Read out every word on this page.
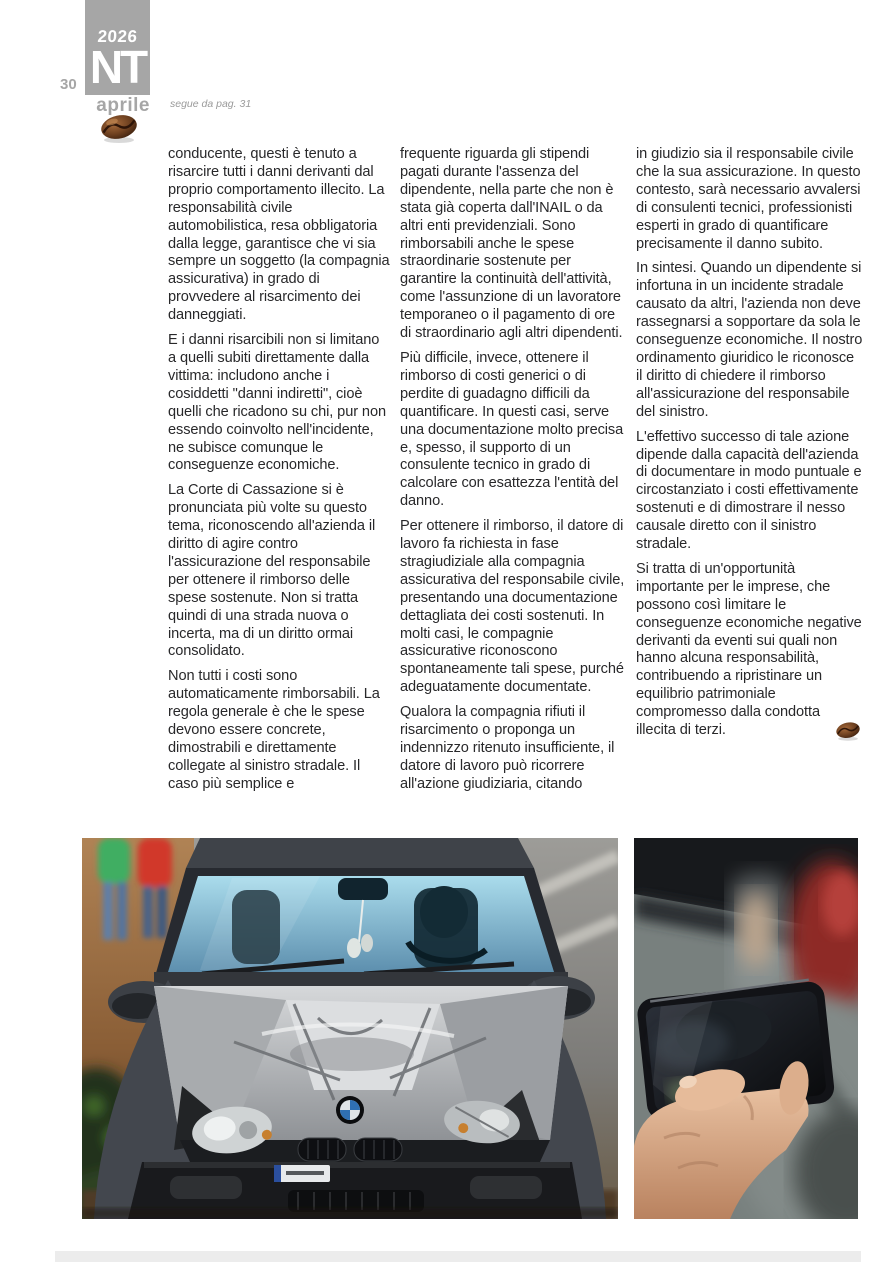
2026
NT
30
aprile segue da pag. 31

conducente, questi è tenuto a risarcire tutti i danni derivanti dal proprio comportamento illecito. La responsabilità civile automobilistica, resa obbligatoria dalla legge, garantisce che vi sia sempre un soggetto (la compagnia assicurativa) in grado di provvedere al risarcimento dei danneggiati.

E i danni risarcibili non si limitano a quelli subiti direttamente dalla vittima: includono anche i cosiddetti "danni indiretti", cioè quelli che ricadono su chi, pur non essendo coinvolto nell'incidente, ne subisce comunque le conseguenze economiche.

La Corte di Cassazione si è pronunciata più volte su questo tema, riconoscendo all'azienda il diritto di agire contro l'assicurazione del responsabile per ottenere il rimborso delle spese sostenute. Non si tratta quindi di una strada nuova o incerta, ma di un diritto ormai consolidato.

Non tutti i costi sono automaticamente rimborsabili. La regola generale è che le spese devono essere concrete, dimostrabili e direttamente collegate al sinistro stradale. Il caso più semplice e

frequente riguarda gli stipendi pagati durante l'assenza del dipendente, nella parte che non è stata già coperta dall'INAIL o da altri enti previdenziali. Sono rimborsabili anche le spese straordinarie sostenute per garantire la continuità dell'attività, come l'assunzione di un lavoratore temporaneo o il pagamento di ore di straordinario agli altri dipendenti.

Più difficile, invece, ottenere il rimborso di costi generici o di perdite di guadagno difficili da quantificare. In questi casi, serve una documentazione molto precisa e, spesso, il supporto di un consulente tecnico in grado di calcolare con esattezza l'entità del danno.

Per ottenere il rimborso, il datore di lavoro fa richiesta in fase stragiudiziale alla compagnia assicurativa del responsabile civile, presentando una documentazione dettagliata dei costi sostenuti. In molti casi, le compagnie assicurative riconoscono spontaneamente tali spese, purché adeguatamente documentate.

Qualora la compagnia rifiuti il risarcimento o proponga un indennizzo ritenuto insufficiente, il datore di lavoro può ricorrere all'azione giudiziaria, citando

in giudizio sia il responsabile civile che la sua assicurazione. In questo contesto, sarà necessario avvalersi di consulenti tecnici, professionisti esperti in grado di quantificare precisamente il danno subito.

In sintesi. Quando un dipendente si infortuna in un incidente stradale causato da altri, l'azienda non deve rassegnarsi a sopportare da sola le conseguenze economiche. Il nostro ordinamento giuridico le riconosce il diritto di chiedere il rimborso all'assicurazione del responsabile del sinistro.

L'effettivo successo di tale azione dipende dalla capacità dell'azienda di documentare in modo puntuale e circostanziato i costi effettivamente sostenuti e di dimostrare il nesso causale diretto con il sinistro stradale.

Si tratta di un'opportunità importante per le imprese, che possono così limitare le conseguenze economiche negative derivanti da eventi sui quali non hanno alcuna responsabilità, contribuendo a ripristinare un equilibrio patrimoniale compromesso dalla condotta illecita di terzi.
